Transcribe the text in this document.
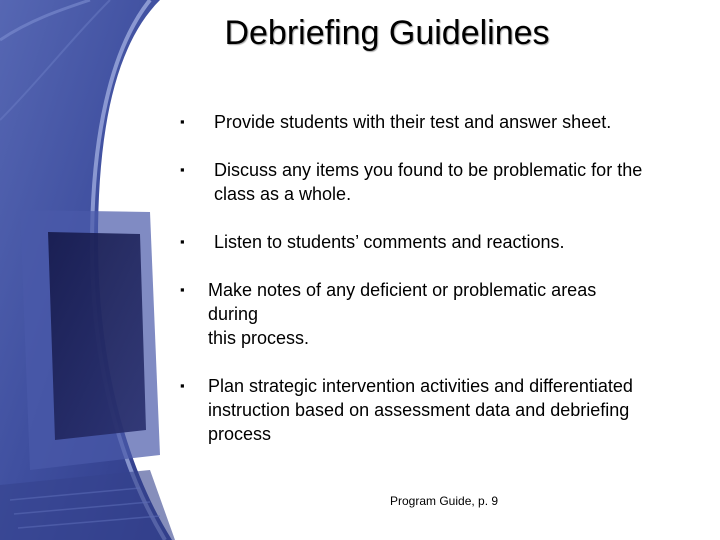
Debriefing Guidelines
▪ Provide students with their test and answer sheet.
▪ Discuss any items you found to be problematic for the
class as a whole.
▪ Listen to students’ comments and reactions.
▪ Make notes of any deficient or problematic areas
during
this process.
▪ Plan strategic intervention activities and differentiated
instruction based on assessment data and debriefing
process
Program Guide, p. 9
